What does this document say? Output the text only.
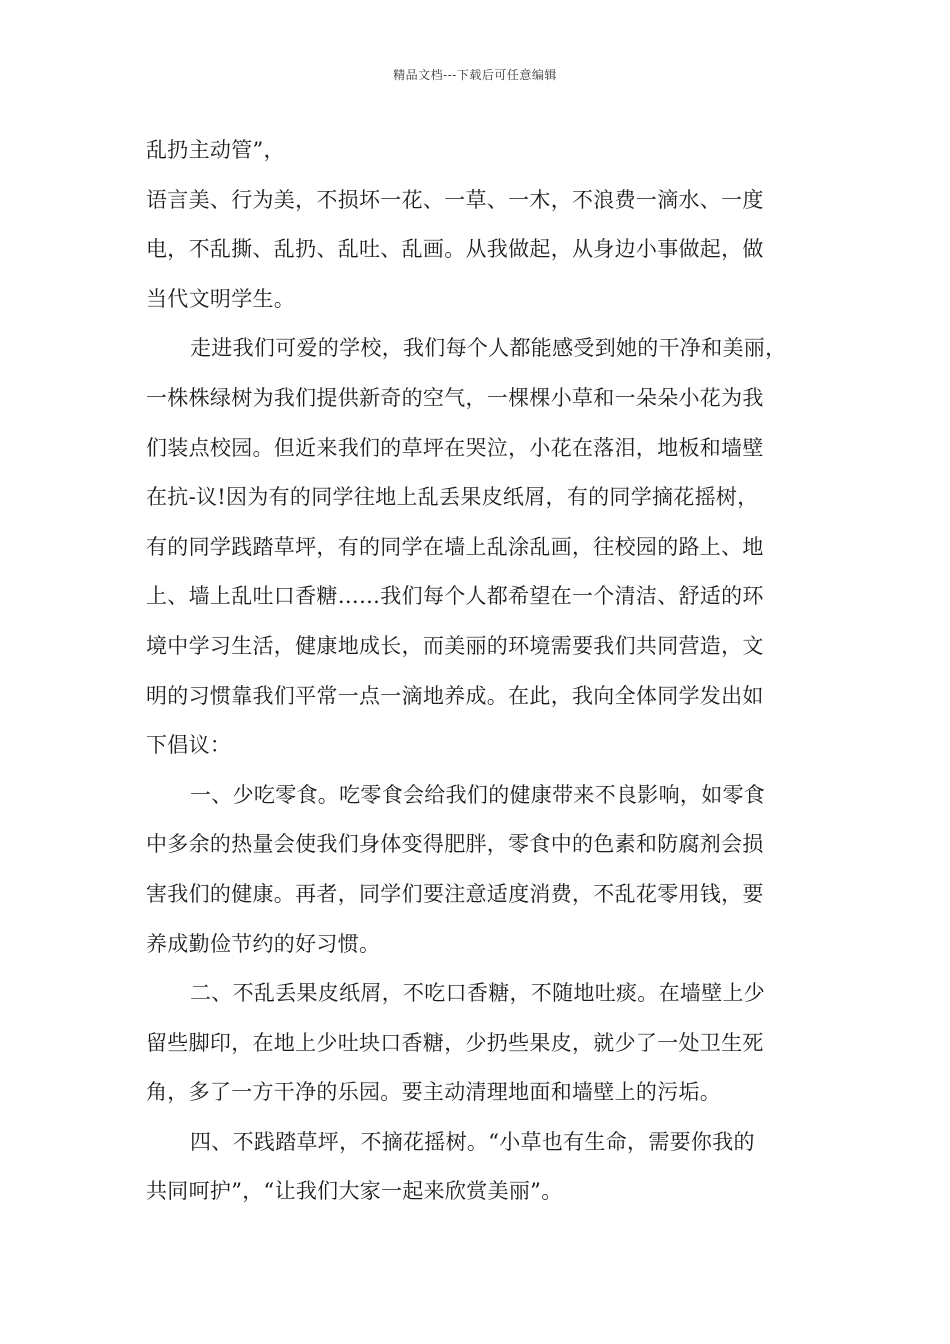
精品文档---下载后可任意编辑
乱扔主动管”，
语言美、行为美，不损坏一花、一草、一木，不浪费一滴水、一度
电，不乱撕、乱扔、乱吐、乱画。从我做起，从身边小事做起，做
当代文明学生。
走进我们可爱的学校，我们每个人都能感受到她的干净和美丽，
一株株绿树为我们提供新奇的空气，一棵棵小草和一朵朵小花为我
们装点校园。但近来我们的草坪在哭泣，小花在落泪，地板和墙壁
在抗-议!因为有的同学往地上乱丢果皮纸屑，有的同学摘花摇树，
有的同学践踏草坪，有的同学在墙上乱涂乱画，往校园的路上、地
上、墙上乱吐口香糖……我们每个人都希望在一个清洁、舒适的环
境中学习生活，健康地成长，而美丽的环境需要我们共同营造，文
明的习惯靠我们平常一点一滴地养成。在此，我向全体同学发出如
下倡议：
一、少吃零食。吃零食会给我们的健康带来不良影响，如零食
中多余的热量会使我们身体变得肥胖，零食中的色素和防腐剂会损
害我们的健康。再者，同学们要注意适度消费，不乱花零用钱，要
养成勤俭节约的好习惯。
二、不乱丢果皮纸屑，不吃口香糖，不随地吐痰。在墙壁上少
留些脚印，在地上少吐块口香糖，少扔些果皮，就少了一处卫生死
角，多了一方干净的乐园。要主动清理地面和墙壁上的污垢。
四、不践踏草坪，不摘花摇树。“小草也有生命，需要你我的
共同呵护”，“让我们大家一起来欣赏美丽”。
